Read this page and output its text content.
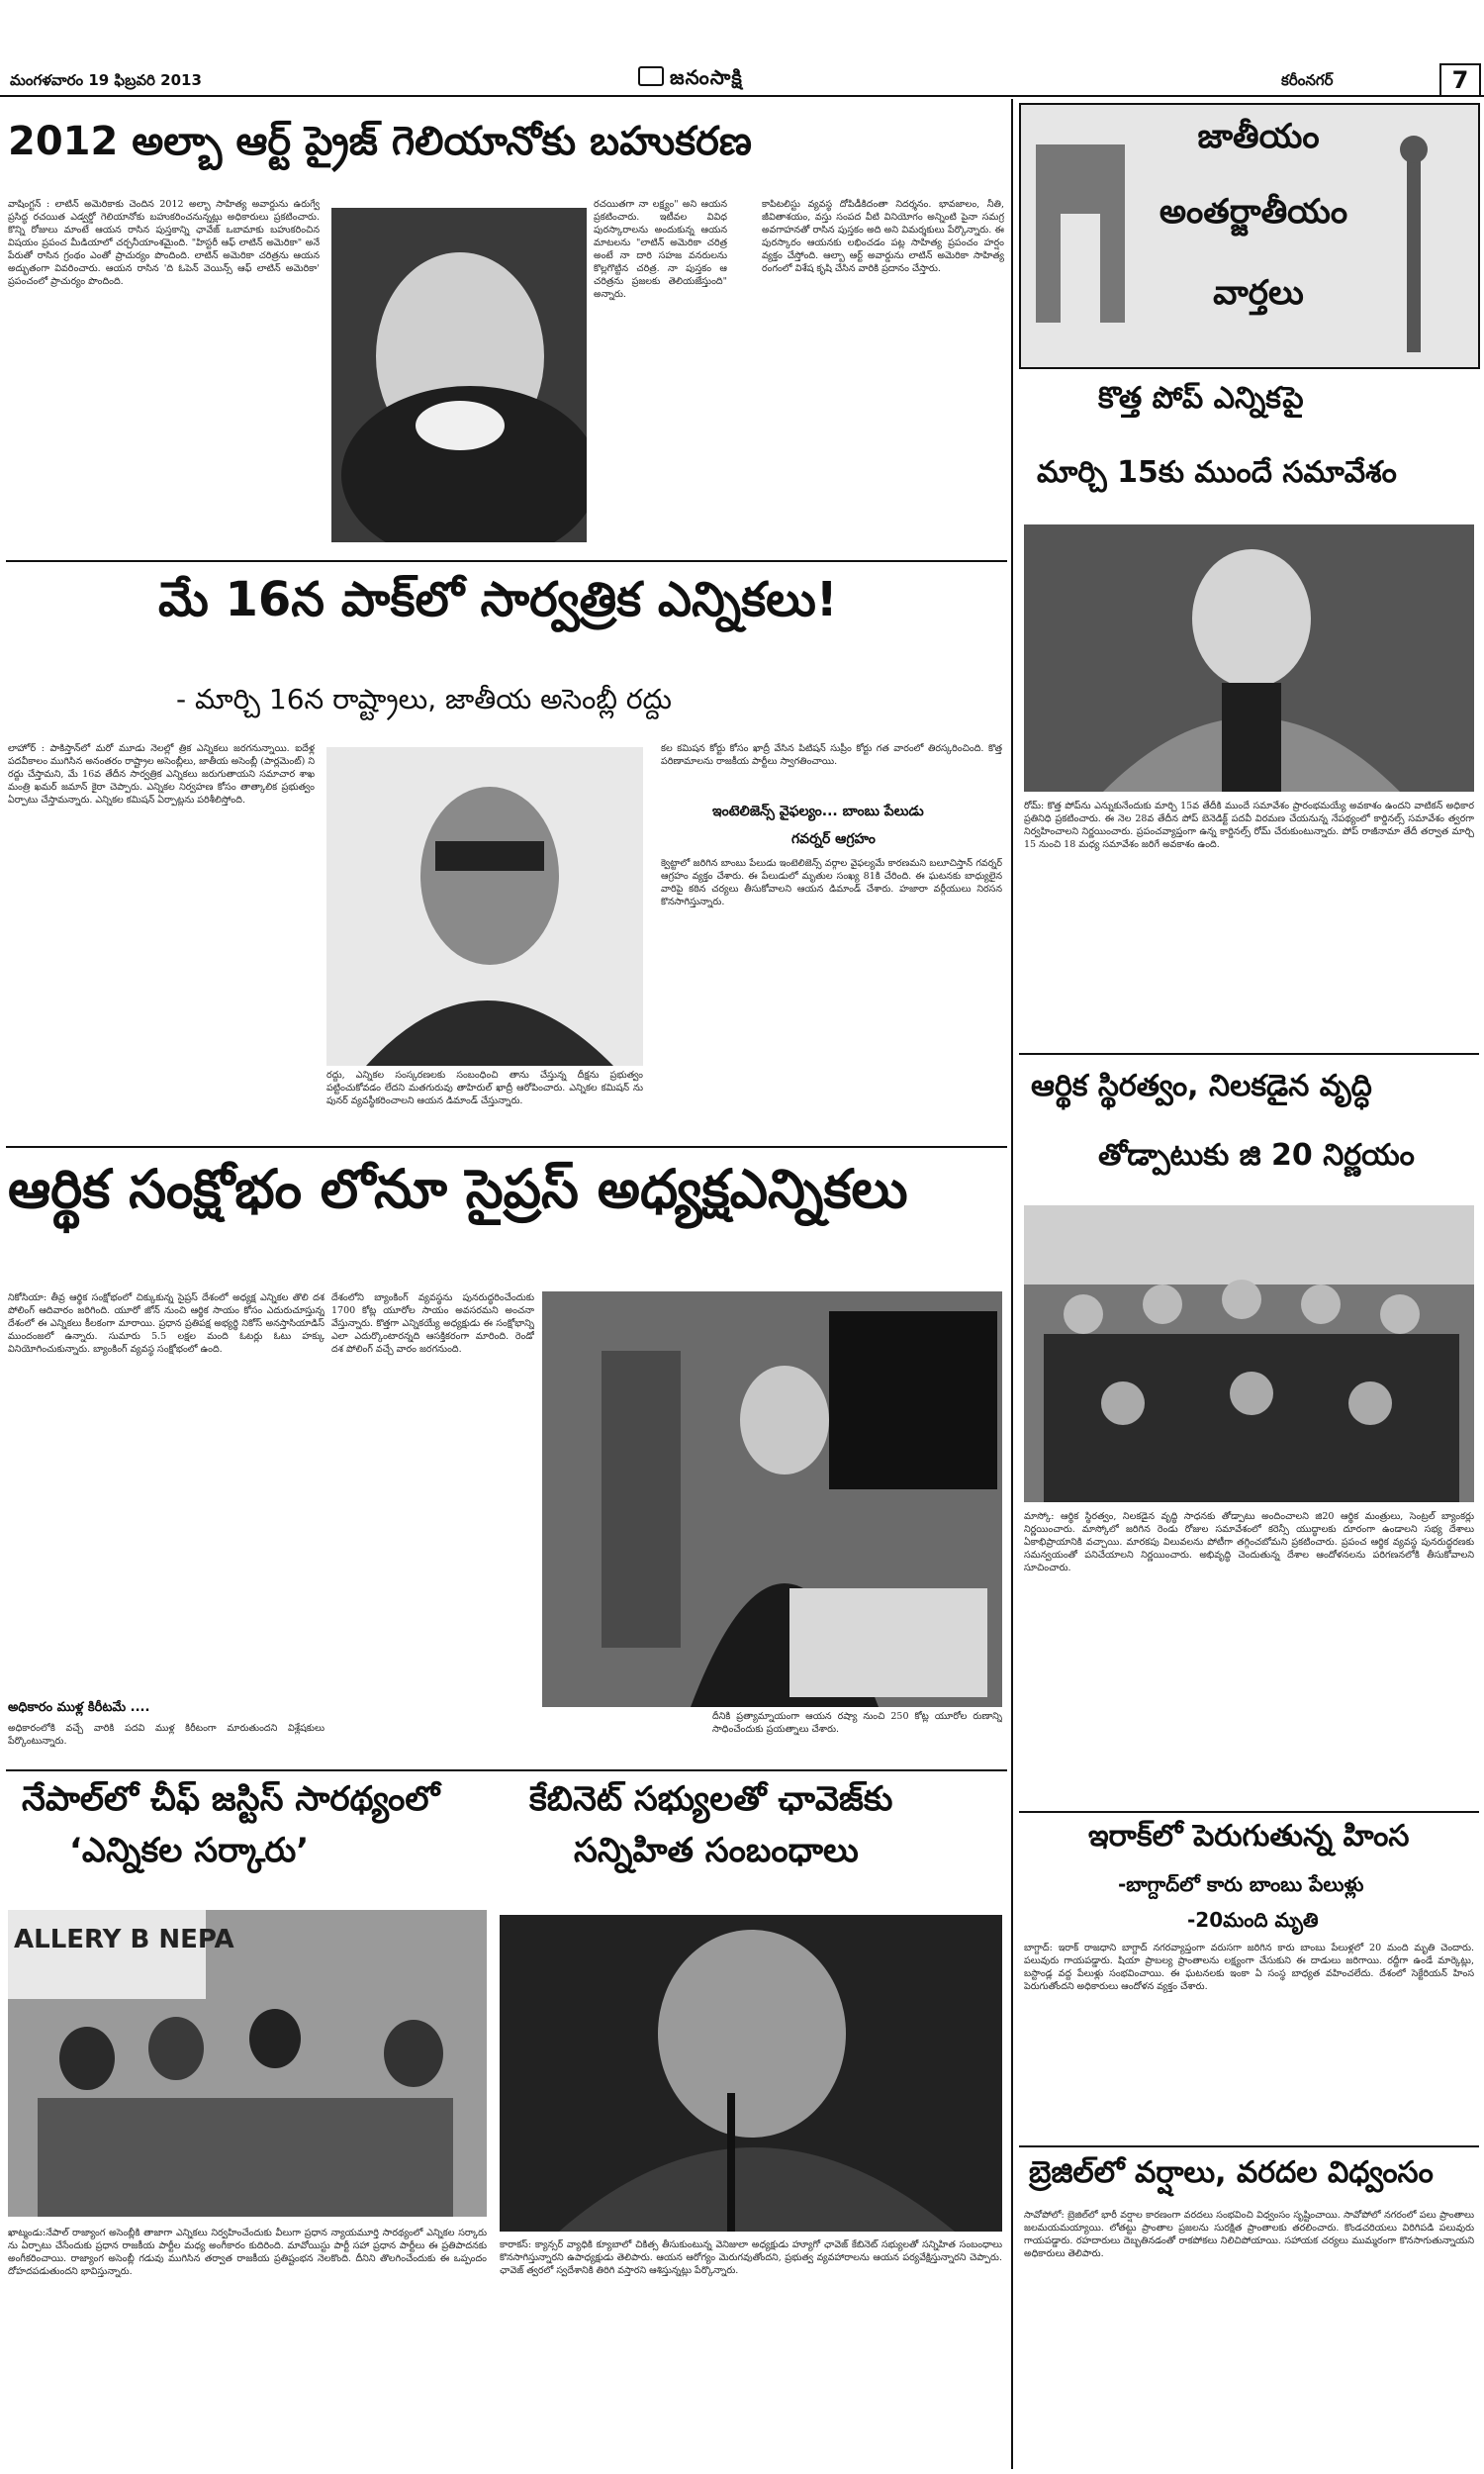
మంగళవారం 19 ఫిబ్రవరి 2013	జనంసాక్షి	కరీంనగర్	7
2012 అల్బా ఆర్ట్ ప్రైజ్ గెలియానోకు బహుకరణ
వాషింగ్టన్ : లాటిన్ అమెరికాకు చెందిన 2012 అల్బా సాహిత్య అవార్డును ఉరుగ్వే ప్రసిద్ధ రచయిత ఎడ్వర్డో గెలియానోకు బహుకరించనున్నట్లు అధికారులు ప్రకటించారు. కొన్ని రోజులు మాంటే ఆయన రాసిన పుస్తకాన్ని ఛావేజ్ ఒబామాకు బహుకరించిన విషయం ప్రపంచ మీడియాలో చర్చనీయాంశమైంది. "హిస్టరీ ఆఫ్ లాటిన్ అమెరికా" అనే పేరుతో రాసిన గ్రంథం ఎంతో ప్రాచుర్యం పొందింది. లాటిన్ అమెరికా చరిత్రను ఆయన అద్భుతంగా వివరించారు. ఆయన రాసిన 'ది ఓపెన్ వెయిన్స్ ఆఫ్ లాటిన్ అమెరికా' ప్రపంచంలో ప్రాచుర్యం పొందింది.
రచయితగా నా లక్ష్యం" అని ఆయన ప్రకటించారు. ఇటీవల వివిధ పురస్కారాలను అందుకున్న ఆయన మాటలను "లాటిన్ అమెరికా చరిత్ర అంటే నా దారి సహజ వనరులను కొల్లగొట్టిన చరిత్ర. నా పుస్తకం ఆ చరిత్రను ప్రజలకు తెలియజేస్తుంది" అన్నారు.
కాపిటలిస్టు వ్యవస్థ దోపిడీకిదంతా నిదర్శనం. భావజాలం, నీతి, జీవితాశయం, వస్తు సంపద వీటి వినియోగం అన్నింటి పైనా సమగ్ర అవగాహనతో రాసిన పుస్తకం అది అని విమర్శకులు పేర్కొన్నారు. ఈ పురస్కారం ఆయనకు లభించడం పట్ల సాహిత్య ప్రపంచం హర్షం వ్యక్తం చేస్తోంది. ఆల్బా ఆర్ట్ అవార్డును లాటిన్ అమెరికా సాహిత్య రంగంలో విశేష కృషి చేసిన వారికి ప్రదానం చేస్తారు.
మే 16న పాక్‌లో సార్వత్రిక ఎన్నికలు!
- మార్చి 16న రాష్ట్రాలు, జాతీయ అసెంబ్లీ రద్దు
లాహోర్ : పాకిస్తాన్‌లో మరో మూడు నెలల్లో త్రిక ఎన్నికలు జరగనున్నాయి. ఐదేళ్ల పదవీకాలం ముగిసిన అనంతరం రాష్ట్రాల అసెంబ్లీలు, జాతీయ అసెంబ్లీ (పార్లమెంట్) ని రద్దు చేస్తామని, మే 16వ తేదీన సార్వత్రిక ఎన్నికలు జరుగుతాయని సమాచార శాఖ మంత్రి ఖమర్ జమాన్ కైరా చెప్పారు. ఎన్నికల నిర్వహణ కోసం తాత్కాలిక ప్రభుత్వం ఏర్పాటు చేస్తామన్నారు. ఎన్నికల కమిషన్ ఏర్పాట్లను పరిశీలిస్తోంది.
రద్దు, ఎన్నికల సంస్కరణలకు సంబంధించి తాను చేస్తున్న దీక్షను ప్రభుత్వం పట్టించుకోవడం లేదని మతగురువు తాహిరుల్ ఖాద్రీ ఆరోపించారు. ఎన్నికల కమిషన్ ను పునర్ వ్యవస్థీకరించాలని ఆయన డిమాండ్ చేస్తున్నారు.
కల కమిషన కోర్టు కోసం ఖాద్రీ వేసిన పిటిషన్ సుప్రీం కోర్టు గత వారంలో తిరస్కరించింది. కొత్త పరిణామాలను రాజకీయ పార్టీలు స్వాగతించాయి.
ఇంటెలిజెన్స్ వైఫల్యం... బాంబు పేలుడు
గవర్నర్ ఆగ్రహం
క్వెట్టాలో జరిగిన బాంబు పేలుడు ఇంటెలిజెన్స్ వర్గాల వైఫల్యమే కారణమని బలూచిస్తాన్ గవర్నర్ ఆగ్రహం వ్యక్తం చేశారు. ఈ పేలుడులో మృతుల సంఖ్య 81కి చేరింది. ఈ ఘటనకు బాధ్యులైన వారిపై కఠిన చర్యలు తీసుకోవాలని ఆయన డిమాండ్ చేశారు. హజారా వర్గీయులు నిరసన కొనసాగిస్తున్నారు.
ఆర్థిక సంక్షోభం లోనూ సైప్రస్ అధ్యక్షఎన్నికలు
నికోసియా: తీవ్ర ఆర్థిక సంక్షోభంలో చిక్కుకున్న సైప్రస్ దేశంలో అధ్యక్ష ఎన్నికల తొలి దశ పోలింగ్ ఆదివారం జరిగింది. యూరో జోన్ నుంచి ఆర్థిక సాయం కోసం ఎదురుచూస్తున్న దేశంలో ఈ ఎన్నికలు కీలకంగా మారాయి. ప్రధాన ప్రతిపక్ష అభ్యర్థి నికోస్ అనస్తాసియాడిస్ ముందంజలో ఉన్నారు. సుమారు 5.5 లక్షల మంది ఓటర్లు ఓటు హక్కు వినియోగించుకున్నారు. బ్యాంకింగ్ వ్యవస్థ సంక్షోభంలో ఉంది.
అధికారం ముళ్ల కిరీటమే ....
అధికారంలోకి వచ్చే వారికి పదవి ముళ్ల కిరీటంగా మారుతుందని విశ్లేషకులు పేర్కొంటున్నారు.
దేశంలోని బ్యాంకింగ్ వ్యవస్థను పునరుద్ధరించేందుకు 1700 కోట్ల యూరోల సాయం అవసరమని అంచనా వేస్తున్నారు. కొత్తగా ఎన్నికయ్యే అధ్యక్షుడు ఈ సంక్షోభాన్ని ఎలా ఎదుర్కొంటారన్నది ఆసక్తికరంగా మారింది. రెండో దశ పోలింగ్ వచ్చే వారం జరగనుంది.
దీనికి ప్రత్యామ్నాయంగా ఆయన రష్యా నుంచి 250 కోట్ల యూరోల రుణాన్ని సాధించేందుకు ప్రయత్నాలు చేశారు.
నేపాల్‌లో చీఫ్ జస్టిస్ సారథ్యంలో
‘ఎన్నికల సర్కారు’
ALLERY B NEPA
ఖాట్మండు:నేపాల్ రాజ్యాంగ అసెంబ్లీకి తాజాగా ఎన్నికలు నిర్వహించేందుకు వీలుగా ప్రధాన న్యాయమూర్తి సారథ్యంలో ఎన్నికల సర్కారు ను ఏర్పాటు చేసేందుకు ప్రధాన రాజకీయ పార్టీల మధ్య అంగీకారం కుదిరింది. మావోయిస్టు పార్టీ సహా ప్రధాన పార్టీలు ఈ ప్రతిపాదనకు అంగీకరించాయి. రాజ్యాంగ అసెంబ్లీ గడువు ముగిసిన తర్వాత రాజకీయ ప్రతిష్టంభన నెలకొంది. దీనిని తొలగించేందుకు ఈ ఒప్పందం దోహదపడుతుందని భావిస్తున్నారు.
కేబినెట్ సభ్యులతో ఛావెజ్‌కు
సన్నిహిత సంబంధాలు
కారాకస్: క్యాన్సర్ వ్యాధికి క్యూబాలో చికిత్స తీసుకుంటున్న వెనిజులా అధ్యక్షుడు హ్యూగో ఛావెజ్ కేబినెట్ సభ్యులతో సన్నిహిత సంబంధాలు కొనసాగిస్తున్నారని ఉపాధ్యక్షుడు తెలిపారు. ఆయన ఆరోగ్యం మెరుగవుతోందని, ప్రభుత్వ వ్యవహారాలను ఆయన పర్యవేక్షిస్తున్నారని చెప్పారు. ఛావెజ్ త్వరలో స్వదేశానికి తిరిగి వస్తారని ఆశిస్తున్నట్లు పేర్కొన్నారు.
జాతీయం
అంతర్జాతీయం
వార్తలు
కొత్త పోప్ ఎన్నికపై
మార్చి 15కు ముందే సమావేశం
రోమ్: కొత్త పోప్‌ను ఎన్నుకునేందుకు మార్చి 15వ తేదీకి ముందే సమావేశం ప్రారంభమయ్యే అవకాశం ఉందని వాటికన్ అధికార ప్రతినిధి ప్రకటించారు. ఈ నెల 28వ తేదీన పోప్ బెనెడిక్ట్ పదవీ విరమణ చేయనున్న నేపథ్యంలో కార్డినల్స్ సమావేశం త్వరగా నిర్వహించాలని నిర్ణయించారు. ప్రపంచవ్యాప్తంగా ఉన్న కార్డినల్స్ రోమ్ చేరుకుంటున్నారు. పోప్ రాజీనామా తేదీ తర్వాత మార్చి 15 నుంచి 18 మధ్య సమావేశం జరిగే అవకాశం ఉంది.
ఆర్థిక స్థిరత్వం, నిలకడైన వృద్ధి
తోడ్పాటుకు జి 20 నిర్ణయం
మాస్కో: ఆర్థిక స్థిరత్వం, నిలకడైన వృద్ధి సాధనకు తోడ్పాటు అందించాలని జి20 ఆర్థిక మంత్రులు, సెంట్రల్ బ్యాంకర్లు నిర్ణయించారు. మాస్కోలో జరిగిన రెండు రోజుల సమావేశంలో కరెన్సీ యుద్ధాలకు దూరంగా ఉండాలని సభ్య దేశాలు ఏకాభిప్రాయానికి వచ్చాయి. మారకపు విలువలను పోటీగా తగ్గించబోమని ప్రకటించారు. ప్రపంచ ఆర్థిక వ్యవస్థ పునరుద్ధరణకు సమన్వయంతో పనిచేయాలని నిర్ణయించారు. అభివృద్ధి చెందుతున్న దేశాల ఆందోళనలను పరిగణనలోకి తీసుకోవాలని సూచించారు.
ఇరాక్‌లో పెరుగుతున్న హింస
-బాగ్దాద్‌లో కారు బాంబు పేలుళ్లు
-20మంది మృతి
బాగ్దాద్: ఇరాక్ రాజధాని బాగ్దాద్ నగరవ్యాప్తంగా వరుసగా జరిగిన కారు బాంబు పేలుళ్లలో 20 మంది మృతి చెందారు. పలువురు గాయపడ్డారు. షియా ప్రాబల్య ప్రాంతాలను లక్ష్యంగా చేసుకుని ఈ దాడులు జరిగాయి. రద్దీగా ఉండే మార్కెట్లు, బస్టాండ్ల వద్ద పేలుళ్లు సంభవించాయి. ఈ ఘటనలకు ఇంకా ఏ సంస్థ బాధ్యత వహించలేదు. దేశంలో సెక్టేరియన్ హింస పెరుగుతోందని అధికారులు ఆందోళన వ్యక్తం చేశారు.
బ్రెజిల్‌లో వర్షాలు, వరదల విధ్వంసం
సావోపోలో: బ్రెజిల్‌లో భారీ వర్షాల కారణంగా వరదలు సంభవించి విధ్వంసం సృష్టించాయి. సావోపోలో నగరంలో పలు ప్రాంతాలు జలమయమయ్యాయి. లోతట్టు ప్రాంతాల ప్రజలను సురక్షిత ప్రాంతాలకు తరలించారు. కొండచరియలు విరిగిపడి పలువురు గాయపడ్డారు. రహదారులు దెబ్బతినడంతో రాకపోకలు నిలిచిపోయాయి. సహాయక చర్యలు ముమ్మరంగా కొనసాగుతున్నాయని అధికారులు తెలిపారు.
